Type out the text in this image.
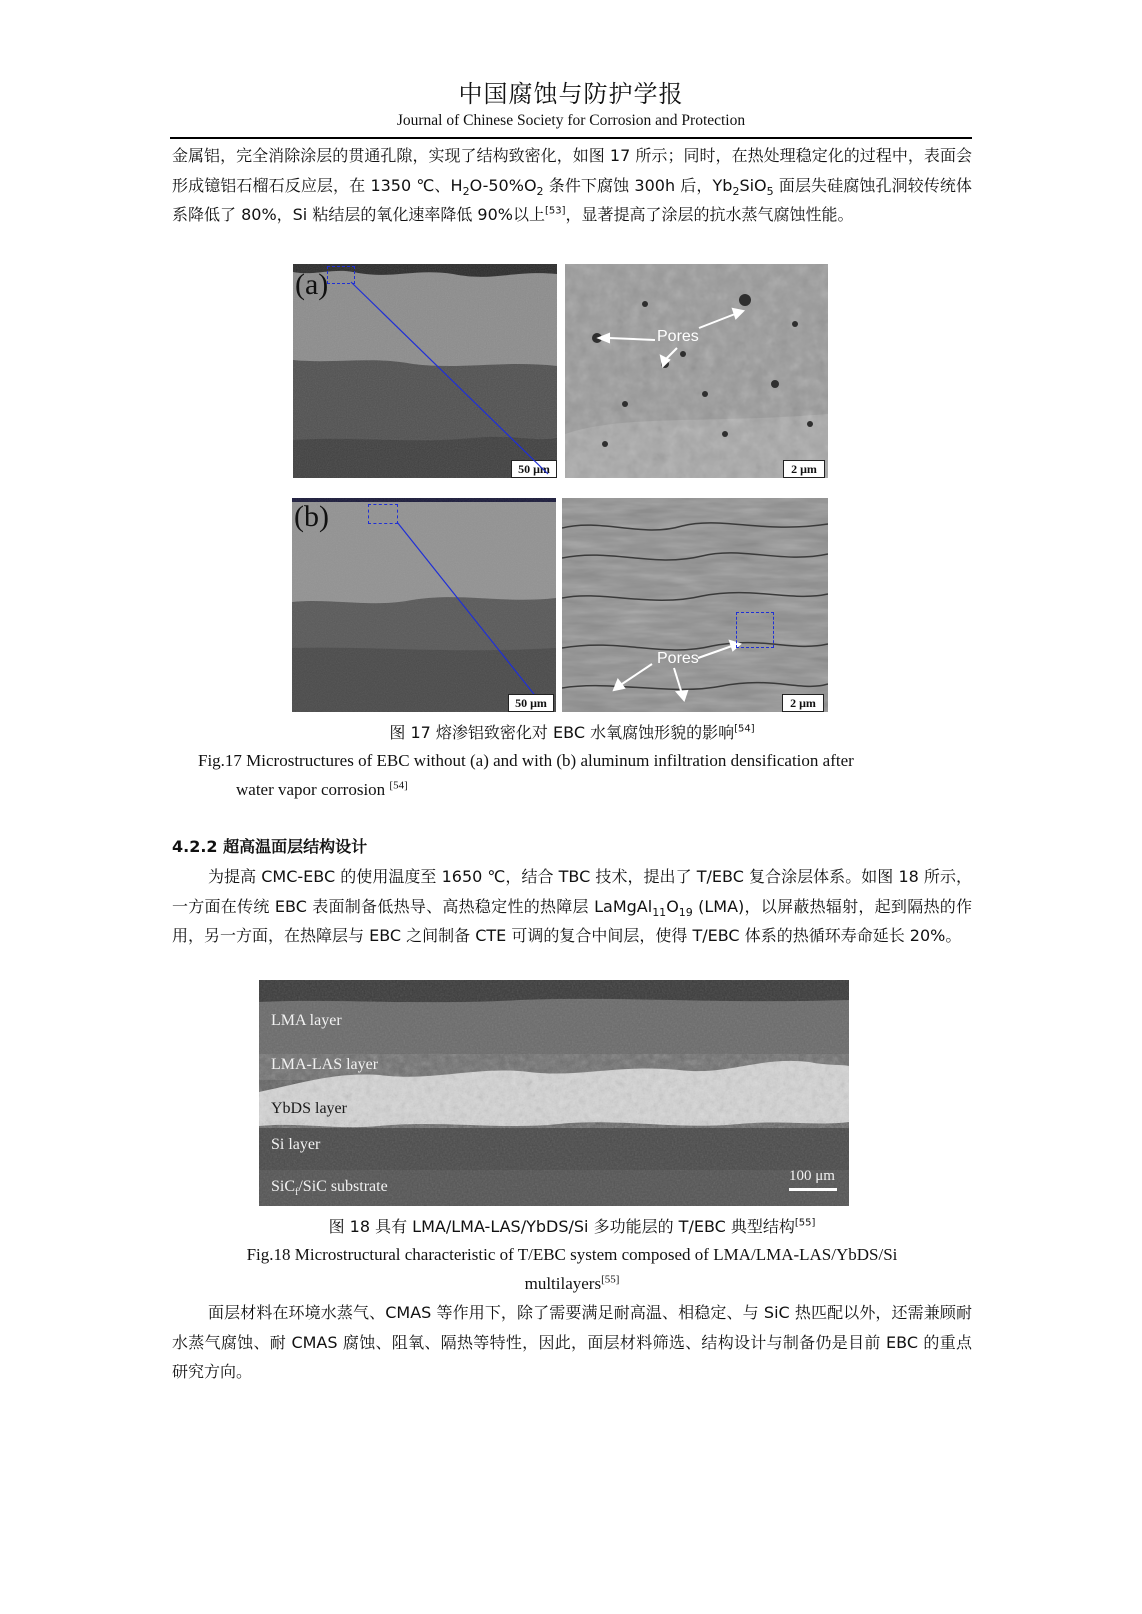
中国腐蚀与防护学报
Journal of Chinese Society for Corrosion and Protection
金属铝，完全消除涂层的贯通孔隙，实现了结构致密化，如图 17 所示；同时，在热处理稳定化的过程中，表面会形成镱铝石榴石反应层，在 1350 ℃、$H_2O-50\%O_2$ 条件下腐蚀 300h 后，$Yb_2SiO_5$ 面层失硅腐蚀孔洞较传统体系降低了 80%，Si 粘结层的氧化速率降低 90%以上[53]，显著提高了涂层的抗水蒸气腐蚀性能。
(a)
50 μm
Pores
2 μm
(b)
50 μm
Pores
2 μm
图 17 熔渗铝致密化对 EBC 水氧腐蚀形貌的影响[54]
Fig.17 Microstructures of EBC without (a) and with (b) aluminum infiltration densification after
water vapor corrosion [54]
4.2.2 超高温面层结构设计
为提高 CMC-EBC 的使用温度至 1650 ℃，结合 TBC 技术，提出了 T/EBC 复合涂层体系。如图 18 所示，一方面在传统 EBC 表面制备低热导、高热稳定性的热障层 $LaMgAl_{11}O_{19}$ (LMA)，以屏蔽热辐射，起到隔热的作用，另一方面，在热障层与 EBC 之间制备 CTE 可调的复合中间层，使得 T/EBC 体系的热循环寿命延长 20%。
LMA layer
LMA-LAS layer
YbDS layer
Si layer
SiC$_f$/SiC substrate
100 μm
图 18 具有 LMA/LMA-LAS/YbDS/Si 多功能层的 T/EBC 典型结构[55]
Fig.18 Microstructural characteristic of T/EBC system composed of LMA/LMA-LAS/YbDS/Si
multilayers[55]
面层材料在环境水蒸气、CMAS 等作用下，除了需要满足耐高温、相稳定、与 SiC 热匹配以外，还需兼顾耐水蒸气腐蚀、耐 CMAS 腐蚀、阻氧、隔热等特性，因此，面层材料筛选、结构设计与制备仍是目前 EBC 的重点研究方向。
